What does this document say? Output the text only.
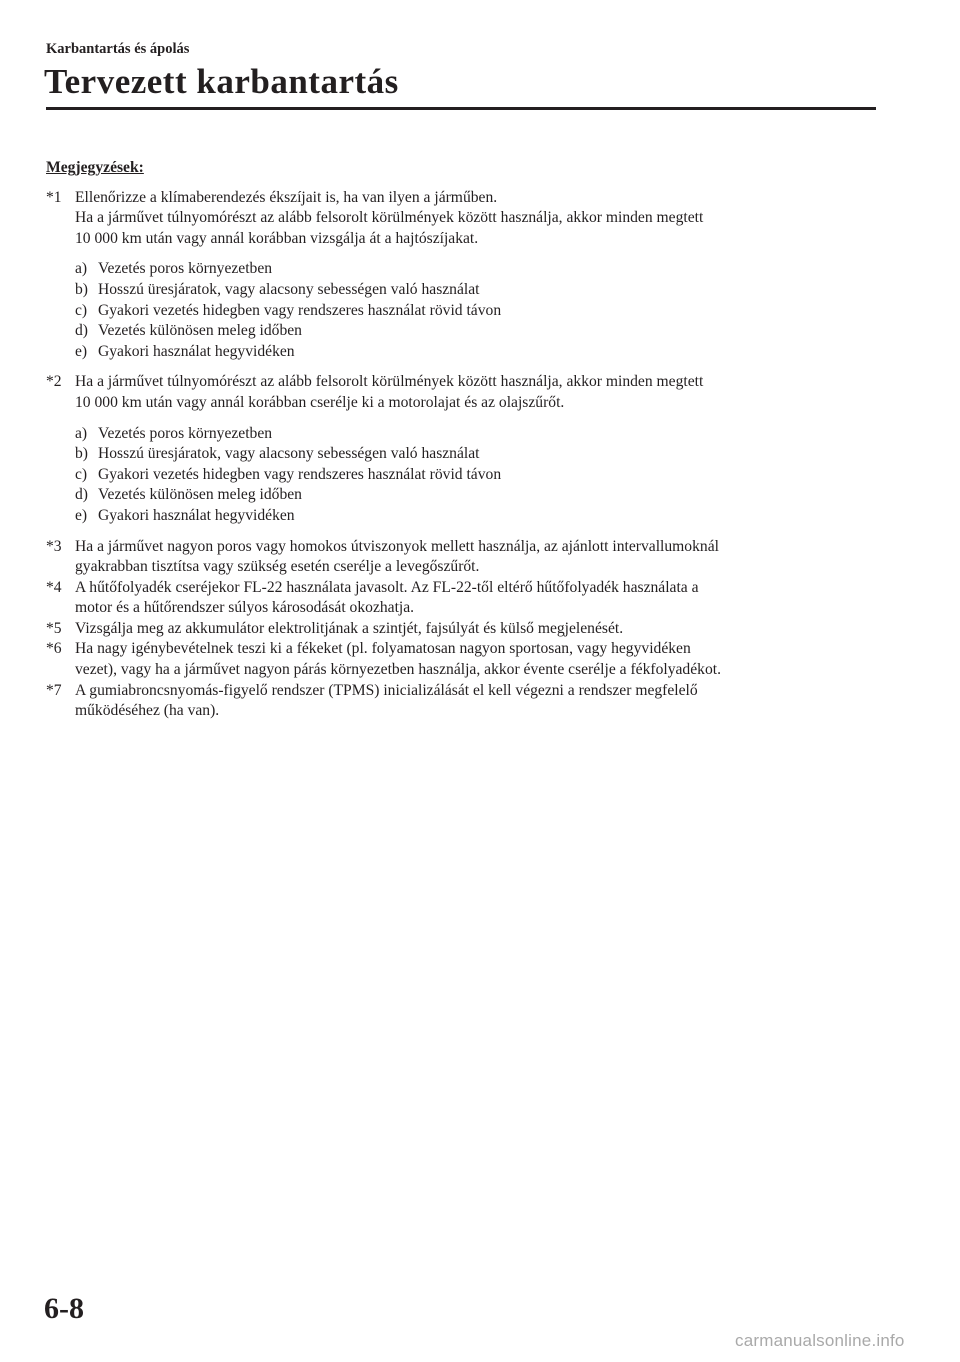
Karbantartás és ápolás
Tervezett karbantartás
Megjegyzések:
*1 Ellenőrizze a klímaberendezés ékszíjait is, ha van ilyen a járműben.
Ha a járművet túlnyomórészt az alább felsorolt körülmények között használja, akkor minden megtett
10 000 km után vagy annál korábban vizsgálja át a hajtószíjakat.
a) Vezetés poros környezetben
b) Hosszú üresjáratok, vagy alacsony sebességen való használat
c) Gyakori vezetés hidegben vagy rendszeres használat rövid távon
d) Vezetés különösen meleg időben
e) Gyakori használat hegyvidéken
*2 Ha a járművet túlnyomórészt az alább felsorolt körülmények között használja, akkor minden megtett
10 000 km után vagy annál korábban cserélje ki a motorolajat és az olajszűrőt.
a) Vezetés poros környezetben
b) Hosszú üresjáratok, vagy alacsony sebességen való használat
c) Gyakori vezetés hidegben vagy rendszeres használat rövid távon
d) Vezetés különösen meleg időben
e) Gyakori használat hegyvidéken
*3 Ha a járművet nagyon poros vagy homokos útviszonyok mellett használja, az ajánlott intervallumoknál
gyakrabban tisztítsa vagy szükség esetén cserélje a levegőszűrőt.
*4 A hűtőfolyadék cseréjekor FL-22 használata javasolt. Az FL-22-től eltérő hűtőfolyadék használata a
motor és a hűtőrendszer súlyos károsodását okozhatja.
*5 Vizsgálja meg az akkumulátor elektrolitjának a szintjét, fajsúlyát és külső megjelenését.
*6 Ha nagy igénybevételnek teszi ki a fékeket (pl. folyamatosan nagyon sportosan, vagy hegyvidéken
vezet), vagy ha a járművet nagyon párás környezetben használja, akkor évente cserélje a fékfolyadékot.
*7 A gumiabroncsnyomás-figyelő rendszer (TPMS) inicializálását el kell végezni a rendszer megfelelő
működéséhez (ha van).
6-8
carmanualsonline.info
